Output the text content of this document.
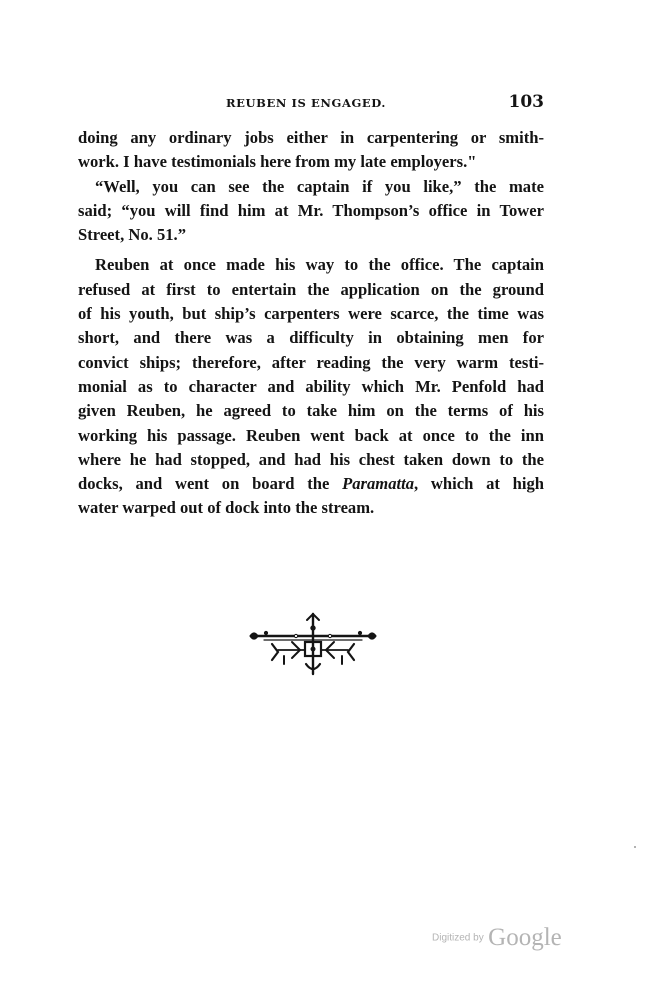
REUBEN IS ENGAGED.	103

doing any ordinary jobs either in carpentering or smith-

work. I have testimonials here from my late employers."

“Well, you can see the captain if you like,” the mate

said; “you will find him at Mr. Thompson’s office in Tower

Street, No. 51.”

Reuben at once made his way to the office. The captain

refused at first to entertain the application on the ground

of his youth, but ship’s carpenters were scarce, the time was

short, and there was a difficulty in obtaining men for

convict ships; therefore, after reading the very warm testi-

monial as to character and ability which Mr. Penfold had

given Reuben, he agreed to take him on the terms of his

working his passage. Reuben went back at once to the inn

where he had stopped, and had his chest taken down to the

docks, and went on board the Paramatta, which at high

water warped out of dock into the stream.

Digitized by Google
